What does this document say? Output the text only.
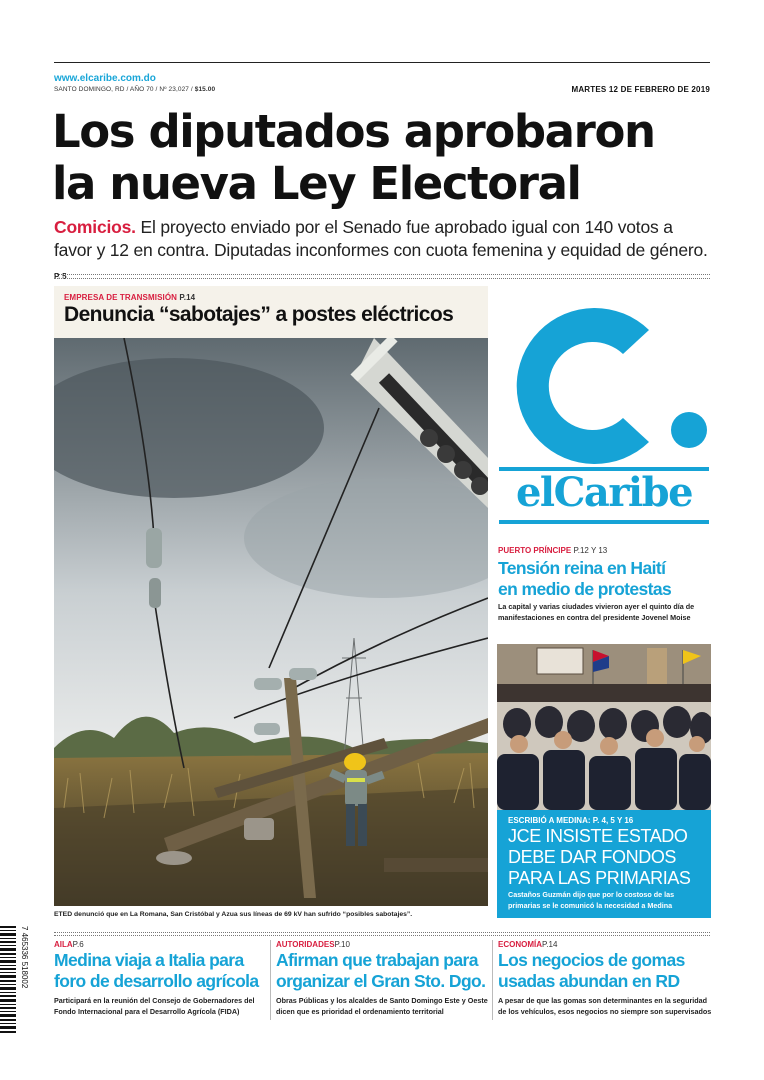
www.elcaribe.com.do
SANTO DOMINGO, RD / AÑO 70 / Nº 23,027 / $15.00	MARTES 12 DE FEBRERO DE 2019
Los diputados aprobaron
la nueva Ley Electoral
Comicios. El proyecto enviado por el Senado fue aprobado igual con 140 votos a favor y 12 en contra. Diputadas inconformes con cuota femenina y equidad de género. P. 5
EMPRESA DE TRANSMISIÓN P.14
Denuncia “sabotajes” a postes eléctricos
ETED denunció que en La Romana, San Cristóbal y Azua sus líneas de 69 kV han sufrido “posibles sabotajes”.
elCaribe
PUERTO PRÍNCIPE P.12 Y 13
Tensión reina en Haití
en medio de protestas
La capital y varias ciudades vivieron ayer el quinto día de manifestaciones en contra del presidente Jovenel Moise
ESCRIBIÓ A MEDINA: P. 4, 5 Y 16
JCE INSISTE ESTADO
DEBE DAR FONDOS
PARA LAS PRIMARIAS
Castaños Guzmán dijo que por lo costoso de las primarias se le comunicó la necesidad a Medina
AILAP.6
Medina viaja a Italia para
foro de desarrollo agrícola
Participará en la reunión del Consejo de Gobernadores del Fondo Internacional para el Desarrollo Agrícola (FIDA)
AUTORIDADESP.10
Afirman que trabajan para
organizar el Gran Sto. Dgo.
Obras Públicas y los alcaldes de Santo Domingo Este y Oeste dicen que es prioridad el ordenamiento territorial
ECONOMÍAP.14
Los negocios de gomas
usadas abundan en RD
A pesar de que las gomas son determinantes en la seguridad de los vehículos, esos negocios no siempre son supervisados
7 465336 518002
